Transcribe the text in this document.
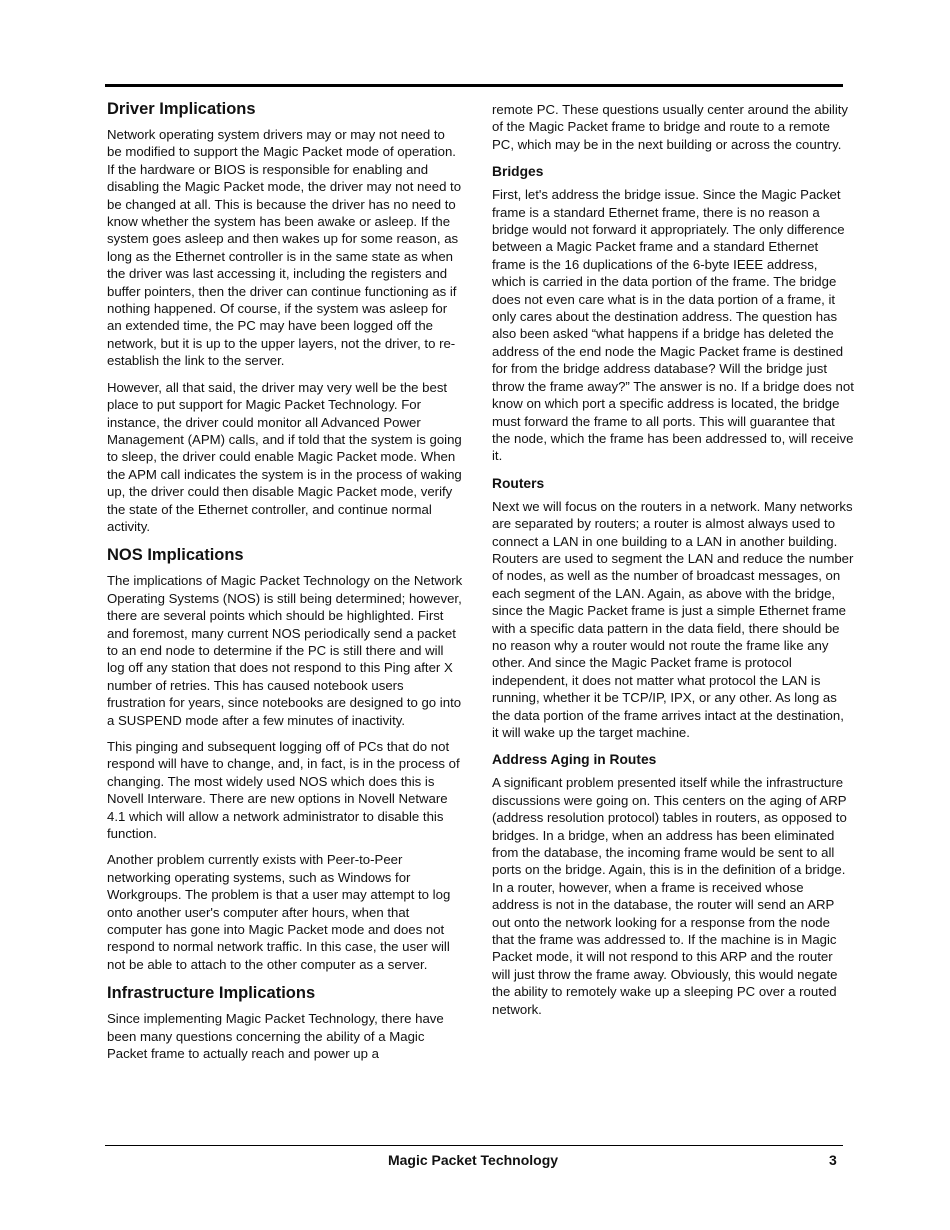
Driver Implications

Network operating system drivers may or may not need to be modified to support the Magic Packet mode of operation. If the hardware or BIOS is responsible for enabling and disabling the Magic Packet mode, the driver may not need to be changed at all. This is because the driver has no need to know whether the system has been awake or asleep. If the system goes asleep and then wakes up for some reason, as long as the Ethernet controller is in the same state as when the driver was last accessing it, including the registers and buffer pointers, then the driver can continue functioning as if nothing happened. Of course, if the system was asleep for an extended time, the PC may have been logged off the network, but it is up to the upper layers, not the driver, to re-establish the link to the server.

However, all that said, the driver may very well be the best place to put support for Magic Packet Technology. For instance, the driver could monitor all Advanced Power Management (APM) calls, and if told that the system is going to sleep, the driver could enable Magic Packet mode. When the APM call indicates the system is in the process of waking up, the driver could then disable Magic Packet mode, verify the state of the Ethernet controller, and continue normal activity.

NOS Implications

The implications of Magic Packet Technology on the Network Operating Systems (NOS) is still being determined; however, there are several points which should be highlighted. First and foremost, many current NOS periodically send a packet to an end node to determine if the PC is still there and will log off any station that does not respond to this Ping after X number of retries. This has caused notebook users frustration for years, since notebooks are designed to go into a SUSPEND mode after a few minutes of inactivity.

This pinging and subsequent logging off of PCs that do not respond will have to change, and, in fact, is in the process of changing. The most widely used NOS which does this is Novell Interware. There are new options in Novell Netware 4.1 which will allow a network administrator to disable this function.

Another problem currently exists with Peer-to-Peer networking operating systems, such as Windows for Workgroups. The problem is that a user may attempt to log onto another user's computer after hours, when that computer has gone into Magic Packet mode and does not respond to normal network traffic. In this case, the user will not be able to attach to the other computer as a server.

Infrastructure Implications

Since implementing Magic Packet Technology, there have been many questions concerning the ability of a Magic Packet frame to actually reach and power up a

remote PC. These questions usually center around the ability of the Magic Packet frame to bridge and route to a remote PC, which may be in the next building or across the country.

Bridges

First, let's address the bridge issue. Since the Magic Packet frame is a standard Ethernet frame, there is no reason a bridge would not forward it appropriately. The only difference between a Magic Packet frame and a standard Ethernet frame is the 16 duplications of the 6-byte IEEE address, which is carried in the data portion of the frame. The bridge does not even care what is in the data portion of a frame, it only cares about the destination address. The question has also been asked “what happens if a bridge has deleted the address of the end node the Magic Packet frame is destined for from the bridge address database? Will the bridge just throw the frame away?” The answer is no. If a bridge does not know on which port a specific address is located, the bridge must forward the frame to all ports. This will guarantee that the node, which the frame has been addressed to, will receive it.

Routers

Next we will focus on the routers in a network. Many networks are separated by routers; a router is almost always used to connect a LAN in one building to a LAN in another building. Routers are used to segment the LAN and reduce the number of nodes, as well as the number of broadcast messages, on each segment of the LAN. Again, as above with the bridge, since the Magic Packet frame is just a simple Ethernet frame with a specific data pattern in the data field, there should be no reason why a router would not route the frame like any other. And since the Magic Packet frame is protocol independent, it does not matter what protocol the LAN is running, whether it be TCP/IP, IPX, or any other. As long as the data portion of the frame arrives intact at the destination, it will wake up the target machine.

Address Aging in Routes

A significant problem presented itself while the infrastructure discussions were going on. This centers on the aging of ARP (address resolution protocol) tables in routers, as opposed to bridges. In a bridge, when an address has been eliminated from the database, the incoming frame would be sent to all ports on the bridge. Again, this is in the definition of a bridge. In a router, however, when a frame is received whose address is not in the database, the router will send an ARP out onto the network looking for a response from the node that the frame was addressed to. If the machine is in Magic Packet mode, it will not respond to this ARP and the router will just throw the frame away. Obviously, this would negate the ability to remotely wake up a sleeping PC over a routed network.

Magic Packet Technology	3
